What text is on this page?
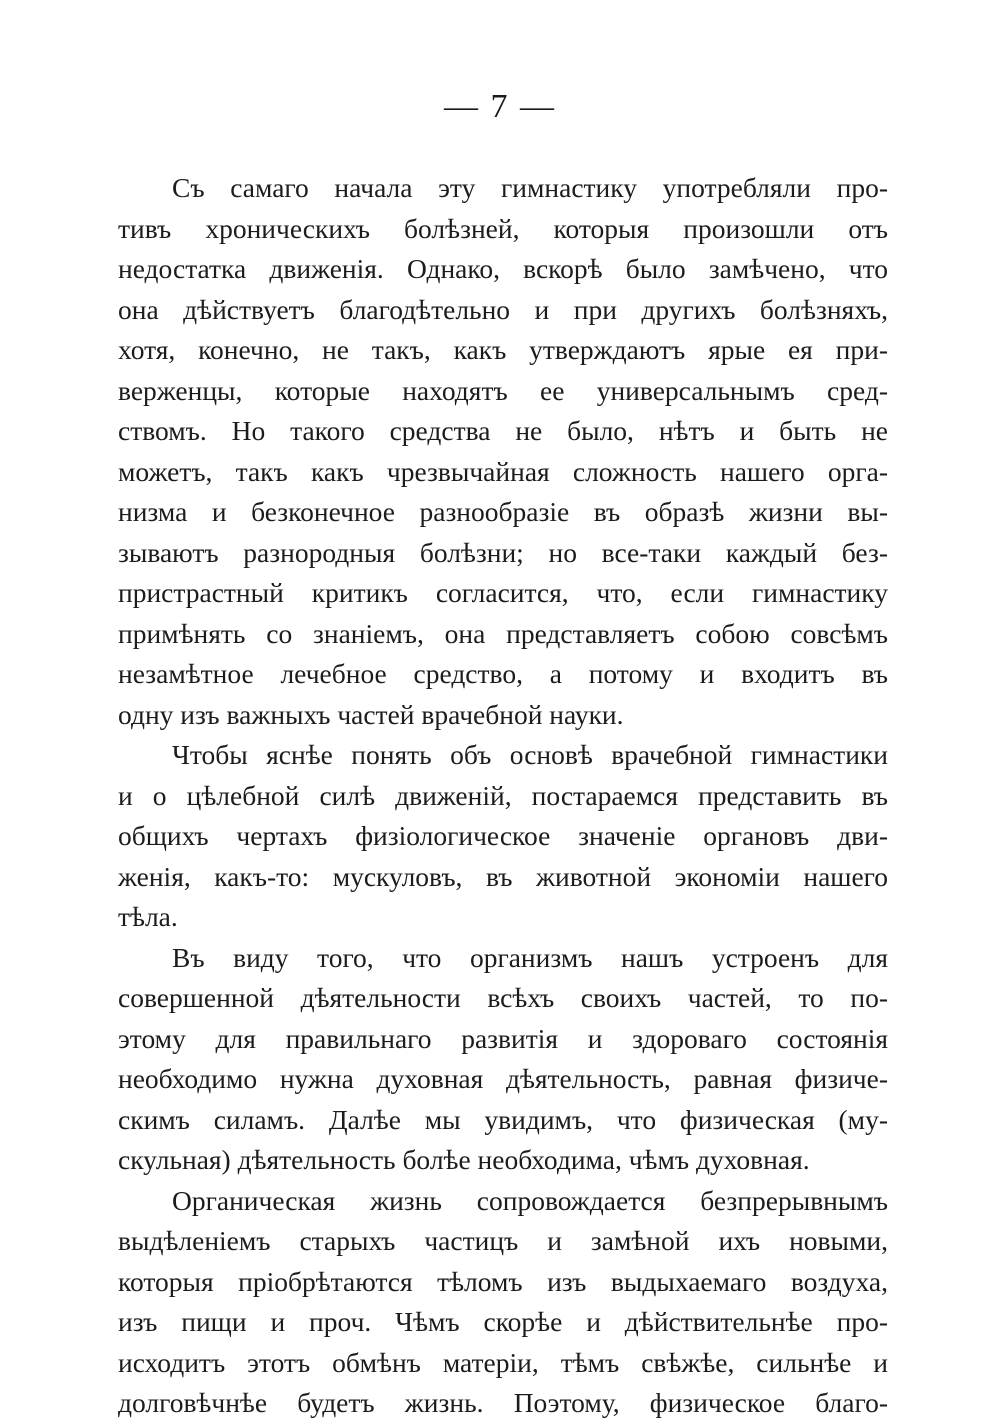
— 7 —

Съ самаго начала эту гимнастику употребляли про-
тивъ хроническихъ болѣзней, которыя произошли отъ
недостатка движенія. Однако, вскорѣ было замѣчено, что
она дѣйствуетъ благодѣтельно и при другихъ болѣзняхъ,
хотя, конечно, не такъ, какъ утверждаютъ ярые ея при-
верженцы, которые находятъ ее универсальнымъ сред-
ствомъ. Но такого средства не было, нѣтъ и быть не
можетъ, такъ какъ чрезвычайная сложность нашего орга-
низма и безконечное разнообразіе въ образѣ жизни вы-
зываютъ разнородныя болѣзни; но все-таки каждый без-
пристрастный критикъ согласится, что, если гимнастику
примѣнять со знаніемъ, она представляетъ собою совсѣмъ
незамѣтное лечебное средство, а потому и входитъ въ
одну изъ важныхъ частей врачебной науки.

Чтобы яснѣе понять объ основѣ врачебной гимнастики
и о цѣлебной силѣ движеній, постараемся представить въ
общихъ чертахъ физіологическое значеніе органовъ дви-
женія, какъ-то: мускуловъ, въ животной экономіи нашего
тѣла.

Въ виду того, что организмъ нашъ устроенъ для
совершенной дѣятельности всѣхъ своихъ частей, то по-
этому для правильнаго развитія и здороваго состоянія
необходимо нужна духовная дѣятельность, равная физиче-
скимъ силамъ. Далѣе мы увидимъ, что физическая (му-
скульная) дѣятельность болѣе необходима, чѣмъ духовная.

Органическая жизнь сопровождается безпрерывнымъ
выдѣленіемъ старыхъ частицъ и замѣной ихъ новыми,
которыя пріобрѣтаются тѣломъ изъ выдыхаемаго воздуха,
изъ пищи и проч. Чѣмъ скорѣе и дѣйствительнѣе про-
исходитъ этотъ обмѣнъ матеріи, тѣмъ свѣжѣе, сильнѣе и
долговѣчнѣе будетъ жизнь. Поэтому, физическое благо-
